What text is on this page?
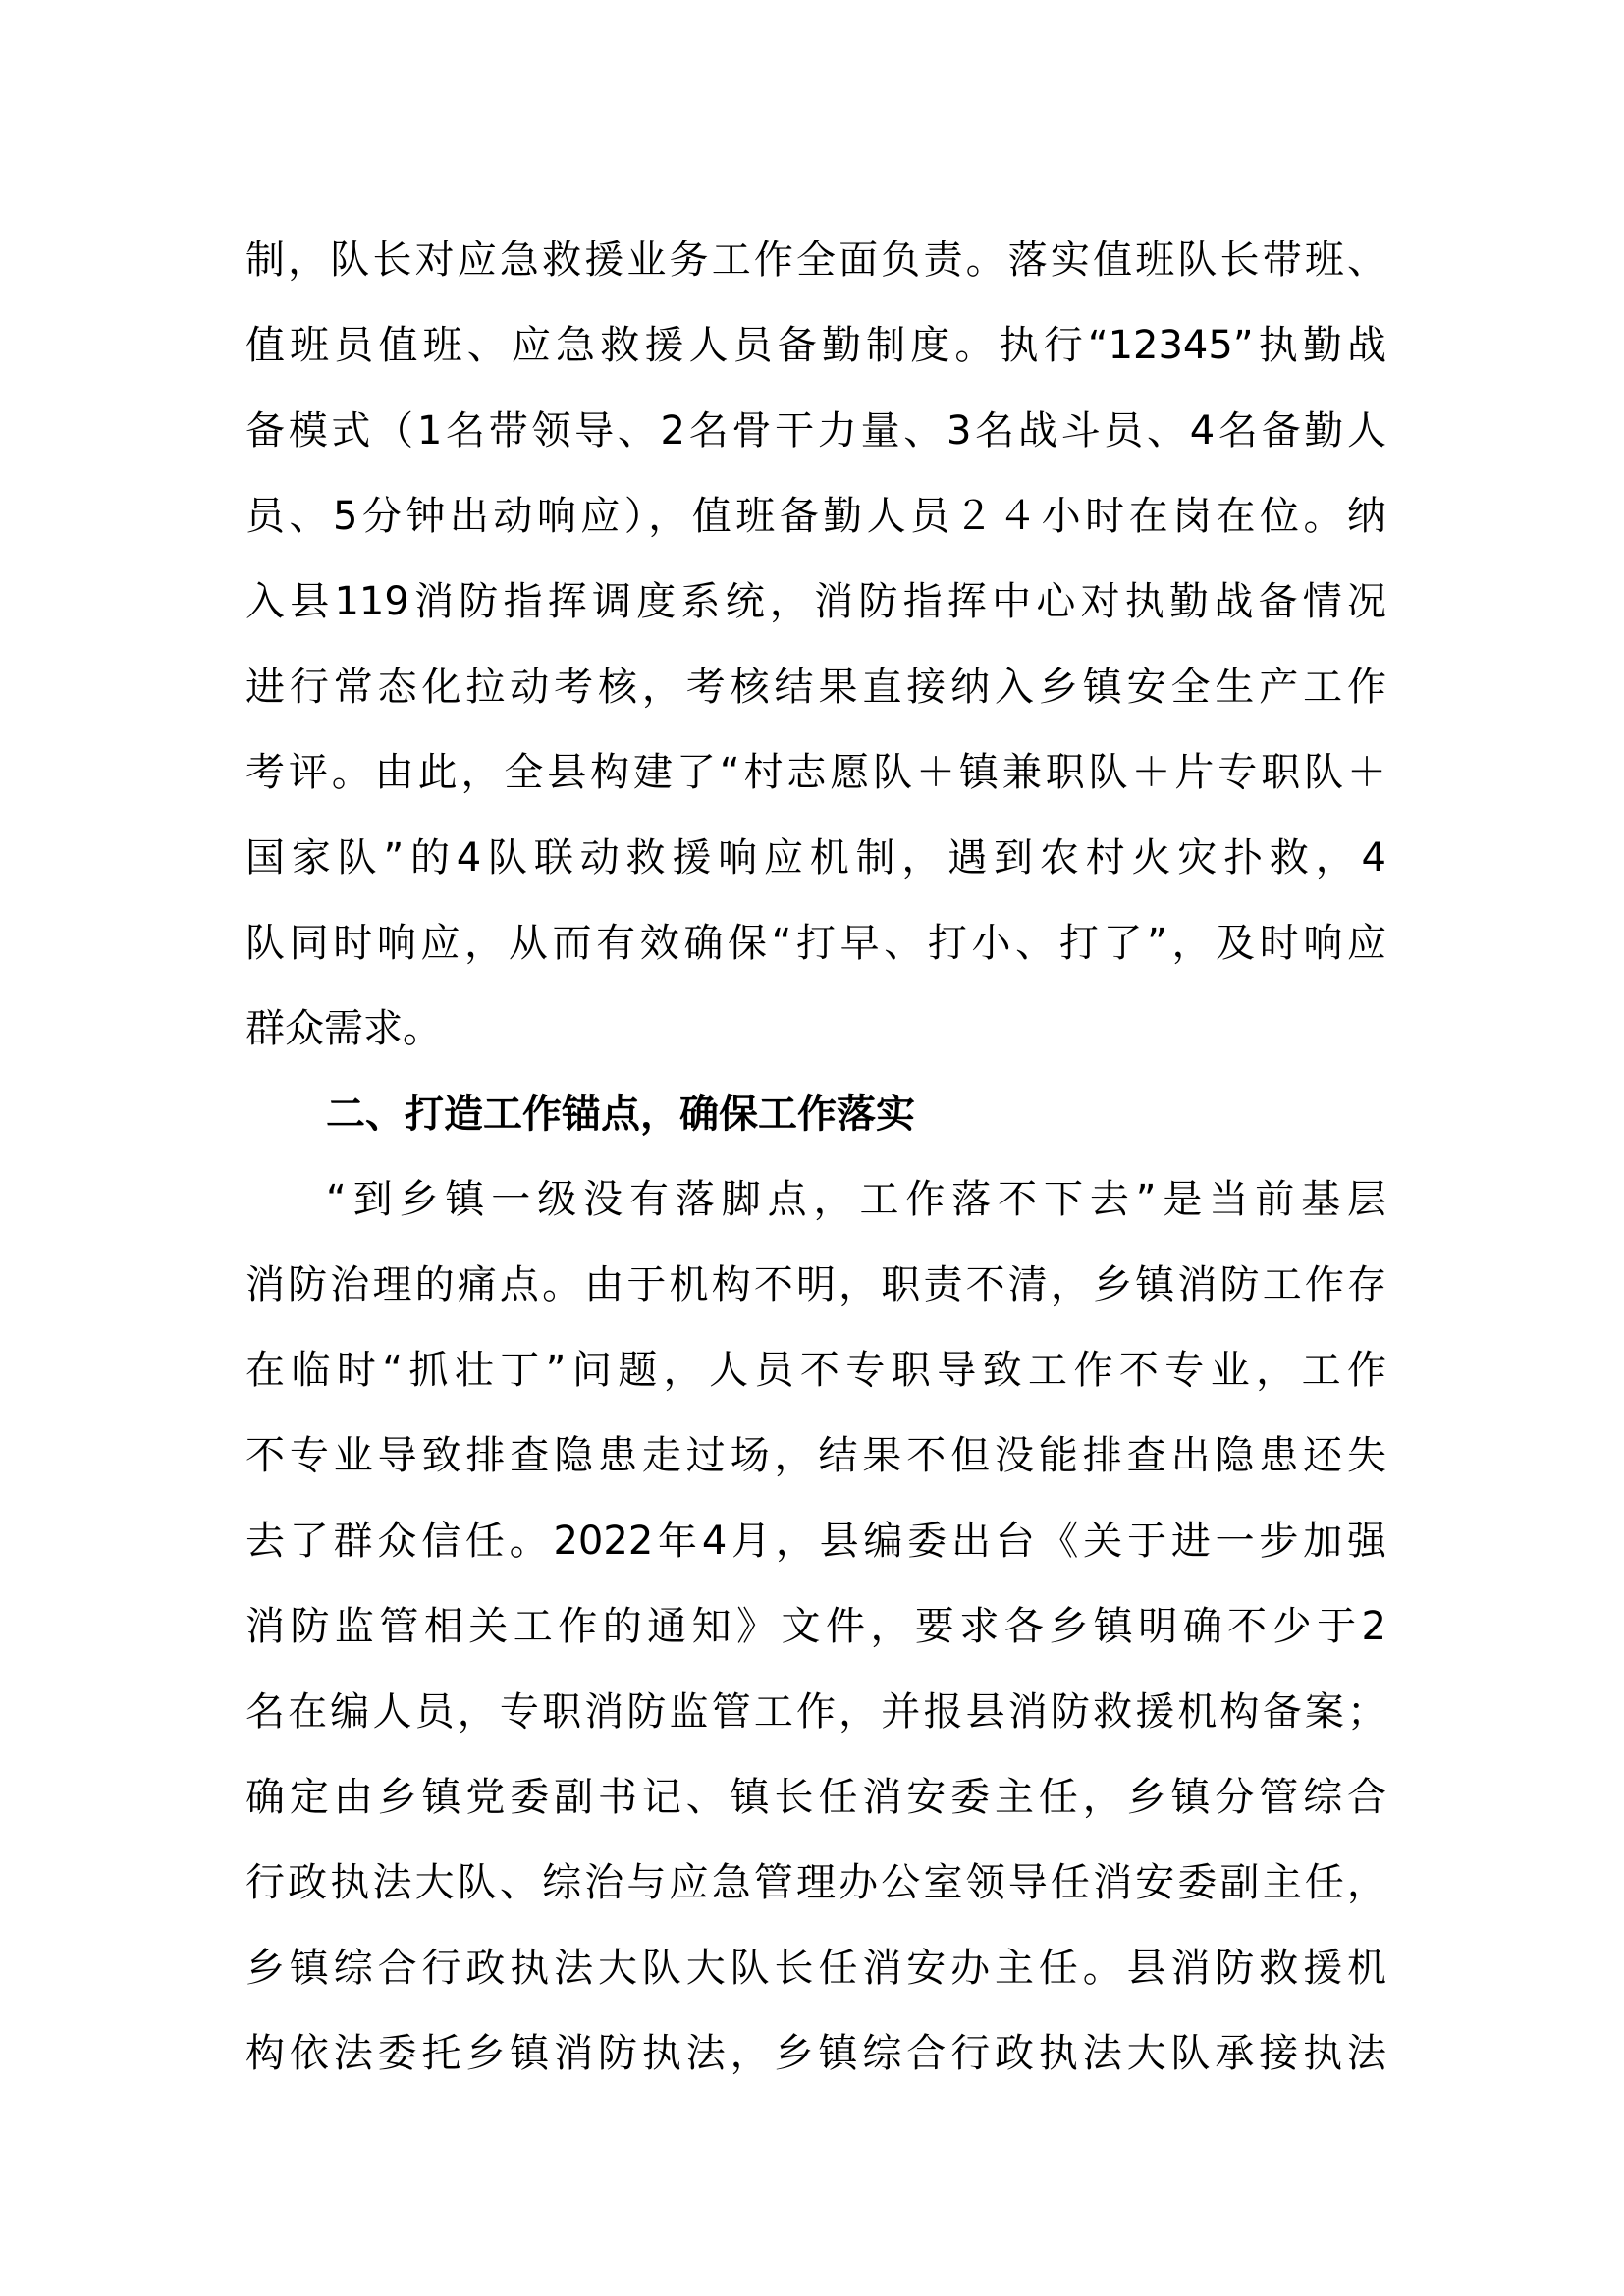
制，队长对应急救援业务工作全面负责。落实值班队长带班、
值班员值班、应急救援人员备勤制度。执行“12345”执勤战
备模式（1名带领导、2名骨干力量、3名战斗员、4名备勤人
员、5分钟出动响应），值班备勤人员２４小时在岗在位。纳
入县119消防指挥调度系统，消防指挥中心对执勤战备情况
进行常态化拉动考核，考核结果直接纳入乡镇安全生产工作
考评。由此，全县构建了“村志愿队＋镇兼职队＋片专职队＋
国家队”的4队联动救援响应机制，遇到农村火灾扑救，4
队同时响应，从而有效确保“打早、打小、打了”，及时响应
群众需求。
二、打造工作锚点，确保工作落实
“到乡镇一级没有落脚点，工作落不下去”是当前基层
消防治理的痛点。由于机构不明，职责不清，乡镇消防工作存
在临时“抓壮丁”问题，人员不专职导致工作不专业，工作
不专业导致排查隐患走过场，结果不但没能排查出隐患还失
去了群众信任。2022年4月，县编委出台《关于进一步加强
消防监管相关工作的通知》文件，要求各乡镇明确不少于2
名在编人员，专职消防监管工作，并报县消防救援机构备案；
确定由乡镇党委副书记、镇长任消安委主任，乡镇分管综合
行政执法大队、综治与应急管理办公室领导任消安委副主任，
乡镇综合行政执法大队大队长任消安办主任。县消防救援机
构依法委托乡镇消防执法，乡镇综合行政执法大队承接执法
